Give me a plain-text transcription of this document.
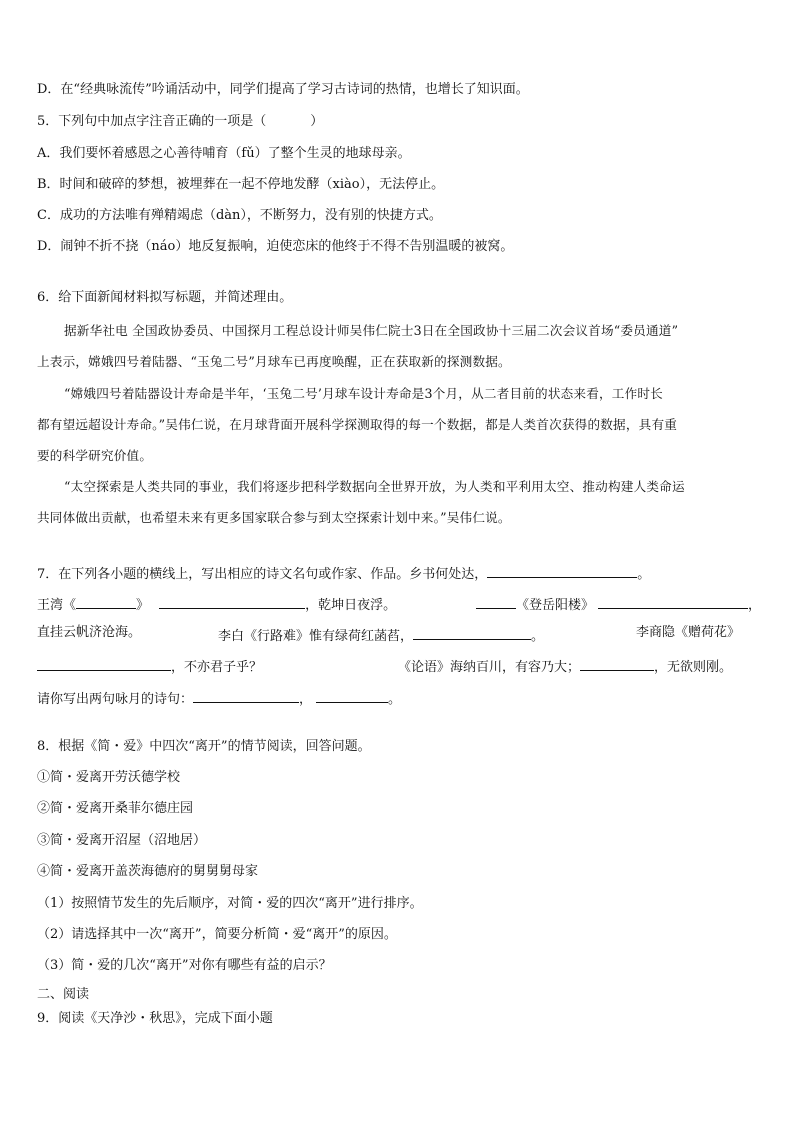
D．在“经典咏流传”吟诵活动中，同学们提高了学习古诗词的热情，也增长了知识面。
5．下列句中加点字注音正确的一项是（	）
A．我们要怀着感恩之心善待哺育（fǔ）了整个生灵的地球母亲。
B．时间和破碎的梦想，被埋葬在一起不停地发酵（xiào），无法停止。
C．成功的方法唯有殚精竭虑（dàn），不断努力，没有别的快捷方式。
D．闹钟不折不挠（náo）地反复振响，迫使恋床的他终于不得不告别温暖的被窝。
6．给下面新闻材料拟写标题，并简述理由。
据新华社电 全国政协委员、中国探月工程总设计师吴伟仁院士3日在全国政协十三届二次会议首场“委员通道”
上表示，嫦娥四号着陆器、“玉兔二号”月球车已再度唤醒，正在获取新的探测数据。
“嫦娥四号着陆器设计寿命是半年，‘玉兔二号’月球车设计寿命是3个月，从二者目前的状态来看，工作时长
都有望远超设计寿命。”吴伟仁说，在月球背面开展科学探测取得的每一个数据，都是人类首次获得的数据，具有重
要的科学研究价值。
“太空探索是人类共同的事业，我们将逐步把科学数据向全世界开放，为人类和平利用太空、推动构建人类命运
共同体做出贡献，也希望未来有更多国家联合参与到太空探索计划中来。”吴伟仁说。
7．在下列各小题的横线上，写出相应的诗文名句或作家、作品。乡书何处达，	。
王湾《	》	，乾坤日夜浮。	《登岳阳楼》	，
直挂云帆济沧海。	李白《行路难》惟有绿荷红菡萏，	。	李商隐《赠荷花》
，不亦君子乎？	《论语》海纳百川，有容乃大；	，无欲则刚。
请你写出两句咏月的诗句：	，	。
8．根据《简・爱》中四次“离开”的情节阅读，回答问题。
①简・爱离开劳沃德学校
②简・爱离开桑菲尔德庄园
③简・爱离开沼屋（沼地居）
④简・爱离开盖茨海德府的舅舅舅母家
（1）按照情节发生的先后顺序，对简・爱的四次“离开”进行排序。
（2）请选择其中一次“离开”，简要分析简・爱“离开”的原因。
（3）简・爱的几次“离开”对你有哪些有益的启示？
二、阅读
9．阅读《天净沙・秋思》，完成下面小题
